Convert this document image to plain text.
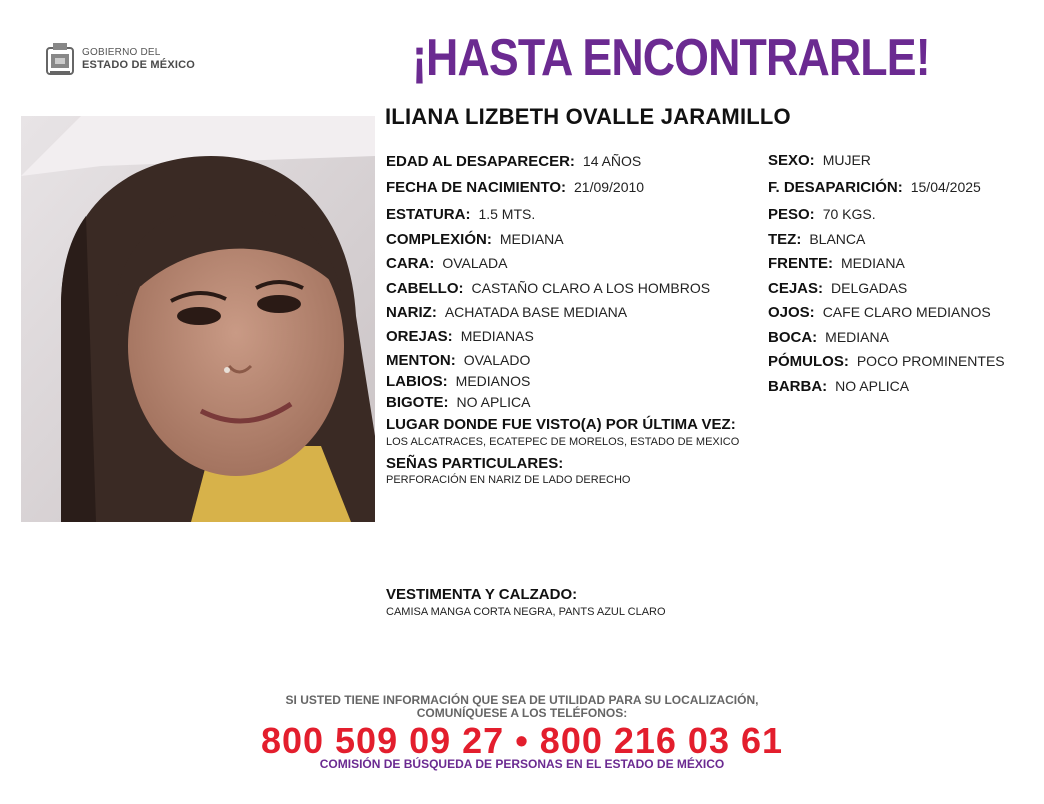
GOBIERNO DEL
ESTADO DE MÉXICO	¡HASTA ENCONTRARLE!
ILIANA LIZBETH OVALLE JARAMILLO
EDAD AL DESAPARECER: 14 AÑOS
FECHA DE NACIMIENTO: 21/09/2010
ESTATURA: 1.5 MTS.
COMPLEXIÓN: MEDIANA
CARA: OVALADA
CABELLO: CASTAÑO CLARO A LOS HOMBROS
NARIZ: ACHATADA BASE MEDIANA
OREJAS: MEDIANAS
MENTON: OVALADO
LABIOS: MEDIANOS
BIGOTE: NO APLICA
SEXO: MUJER
F. DESAPARICIÓN: 15/04/2025
PESO: 70 KGS.
TEZ: BLANCA
FRENTE: MEDIANA
CEJAS: DELGADAS
OJOS: CAFE CLARO MEDIANOS
BOCA: MEDIANA
PÓMULOS: POCO PROMINENTES
BARBA: NO APLICA
LUGAR DONDE FUE VISTO(A) POR ÚLTIMA VEZ:
LOS ALCATRACES, ECATEPEC DE MORELOS, ESTADO DE MEXICO
SEÑAS PARTICULARES:
PERFORACIÓN EN NARIZ DE LADO DERECHO
VESTIMENTA Y CALZADO:
CAMISA MANGA CORTA NEGRA, PANTS AZUL CLARO
SI USTED TIENE INFORMACIÓN QUE SEA DE UTILIDAD PARA SU LOCALIZACIÓN,
COMUNÍQUESE A LOS TELÉFONOS:
800 509 09 27 • 800 216 03 61
COMISIÓN DE BÚSQUEDA DE PERSONAS EN EL ESTADO DE MÉXICO
